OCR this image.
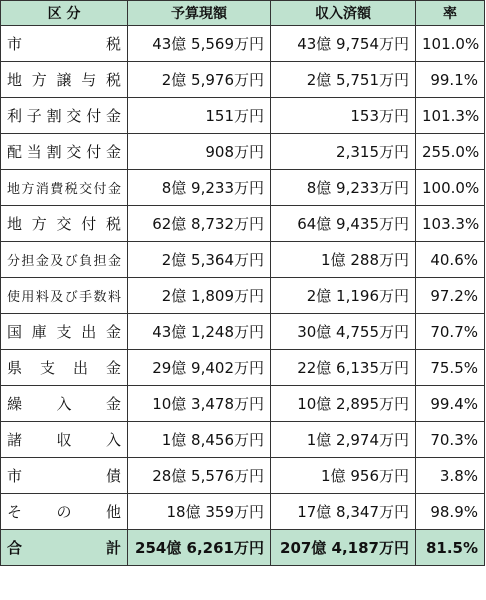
区 分	予算現額	収入済額	率
市税	43億 5,569万円	43億 9,754万円	101.0%
地方譲与税	2億 5,976万円	2億 5,751万円	99.1%
利子割交付金	151万円	153万円	101.3%
配当割交付金	908万円	2,315万円	255.0%
地方消費税交付金	8億 9,233万円	8億 9,233万円	100.0%
地方交付税	62億 8,732万円	64億 9,435万円	103.3%
分担金及び負担金	2億 5,364万円	1億 288万円	40.6%
使用料及び手数料	2億 1,809万円	2億 1,196万円	97.2%
国庫支出金	43億 1,248万円	30億 4,755万円	70.7%
県支出金	29億 9,402万円	22億 6,135万円	75.5%
繰入金	10億 3,478万円	10億 2,895万円	99.4%
諸収入	1億 8,456万円	1億 2,974万円	70.3%
市債	28億 5,576万円	1億 956万円	3.8%
その他	18億 359万円	17億 8,347万円	98.9%
合計	254億 6,261万円	207億 4,187万円	81.5%
